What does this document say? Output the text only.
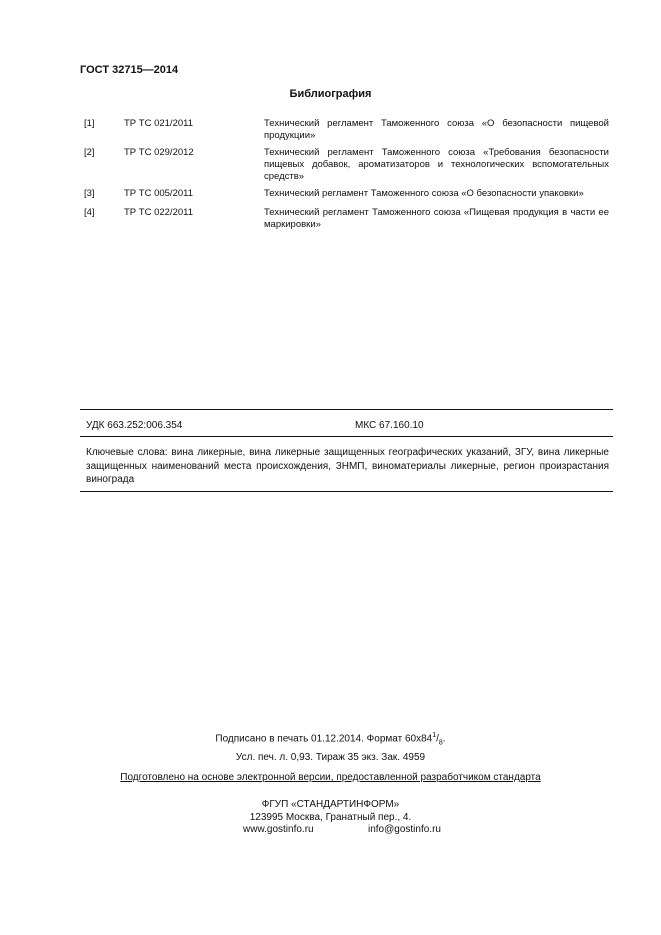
ГОСТ 32715—2014
Библиография
[1]	ТР ТС 021/2011	Технический регламент Таможенного союза «О безопасности пищевой продукции»
[2]	ТР ТС 029/2012	Технический регламент Таможенного союза «Требования безопасности пищевых добавок, ароматизаторов и технологических вспомогательных средств»
[3]	ТР ТС 005/2011	Технический регламент Таможенного союза «О безопасности упаковки»
[4]	ТР ТС 022/2011	Технический регламент Таможенного союза «Пищевая продукция в части ее маркировки»
УДК 663.252:006.354	МКС 67.160.10
Ключевые слова: вина ликерные, вина ликерные защищенных географических указаний, ЗГУ, вина ликерные защищенных наименований места происхождения, ЗНМП, виноматериалы ликерные, регион произрастания винограда
Подписано в печать 01.12.2014. Формат $60x84^1/_8$.
Усл. печ. л. 0,93. Тираж 35 экз. Зак. 4959
Подготовлено на основе электронной версии, предоставленной разработчиком стандарта
ФГУП «СТАНДАРТИНФОРМ»
123995 Москва, Гранатный пер., 4.
www.gostinfo.ru	info@gostinfo.ru
